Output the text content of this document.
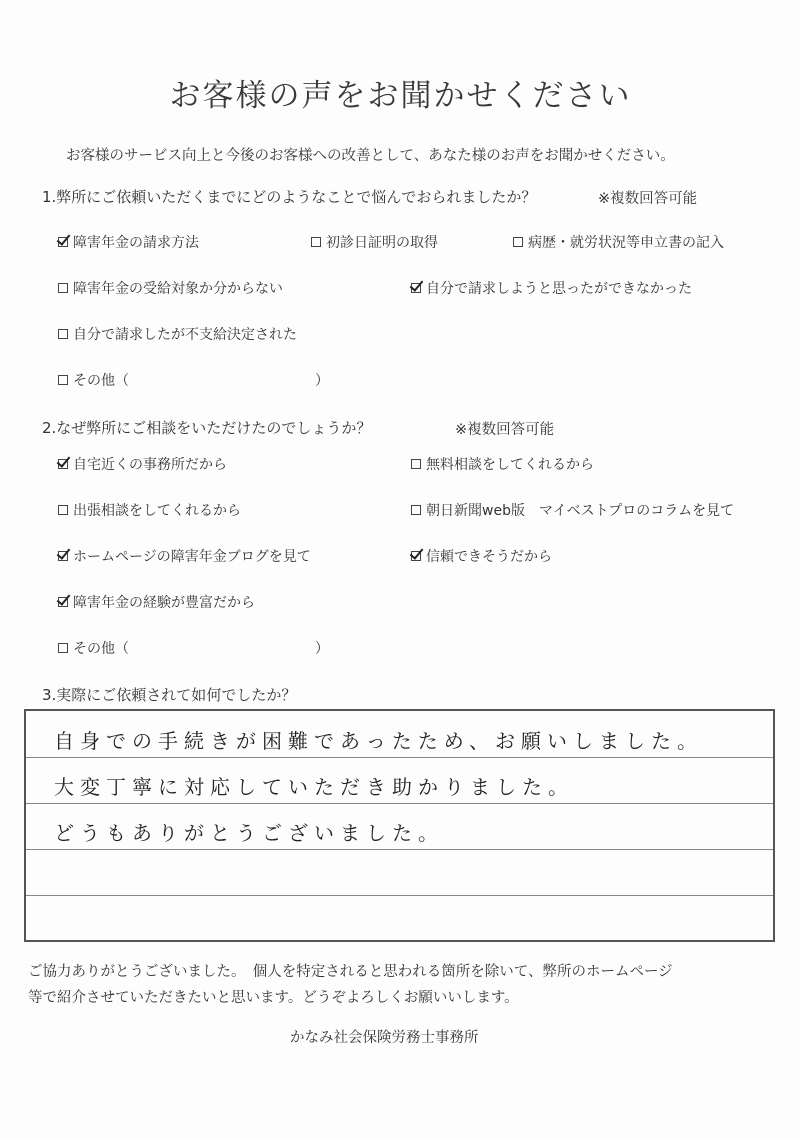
お客様の声をお聞かせください
お客様のサービス向上と今後のお客様への改善として、あなた様のお声をお聞かせください。
1.弊所にご依頼いただくまでにどのようなことで悩んでおられましたか？	※複数回答可能
障害年金の請求方法	初診日証明の取得	病歴・就労状況等申立書の記入
障害年金の受給対象か分からない	自分で請求しようと思ったができなかった
自分で請求したが不支給決定された
その他（	）
2.なぜ弊所にご相談をいただけたのでしょうか？	※複数回答可能
自宅近くの事務所だから	無料相談をしてくれるから
出張相談をしてくれるから	朝日新聞web版　マイベストプロのコラムを見て
ホームページの障害年金ブログを見て	信頼できそうだから
障害年金の経験が豊富だから
その他（	）
3.実際にご依頼されて如何でしたか？
自身での手続きが困難であったため、お願いしました。
大変丁寧に対応していただき助かりました。
どうもありがとうございました。
ご協力ありがとうございました。　個人を特定されると思われる箇所を除いて、弊所のホームページ
等で紹介させていただきたいと思います。どうぞよろしくお願いいします。
かなみ社会保険労務士事務所
